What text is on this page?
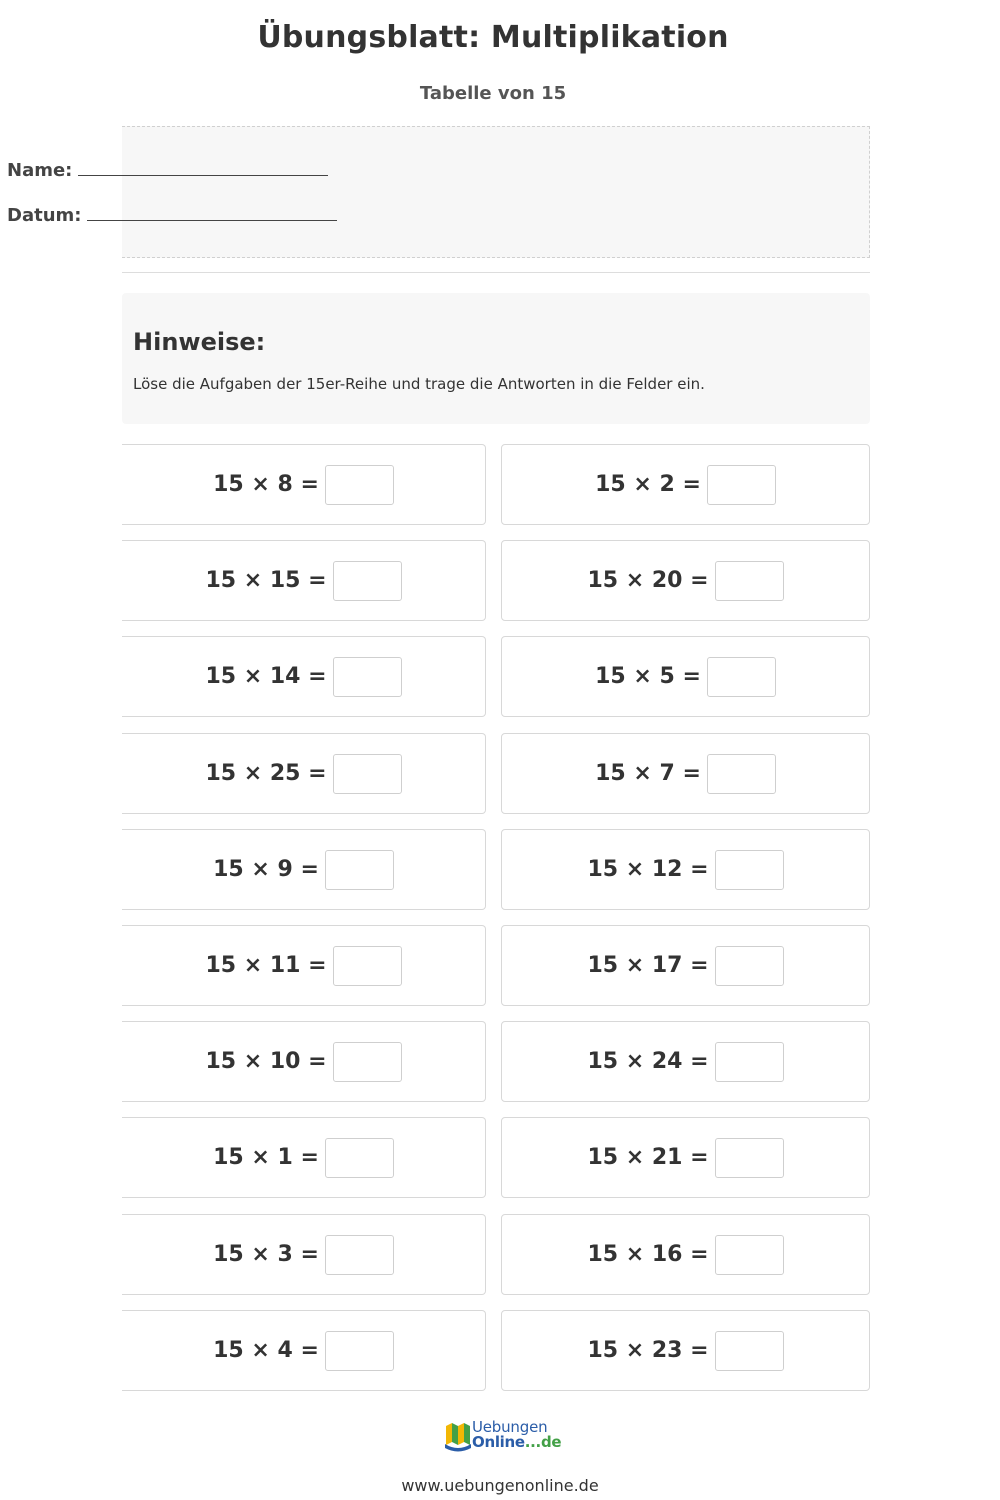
Übungsblatt: Multiplikation
Tabelle von 15
Name:
Datum:
Hinweise:
Löse die Aufgaben der 15er-Reihe und trage die Antworten in die Felder ein.
15 × 8 =
15 × 15 =
15 × 14 =
15 × 25 =
15 × 9 =
15 × 11 =
15 × 10 =
15 × 1 =
15 × 3 =
15 × 4 =
15 × 2 =
15 × 20 =
15 × 5 =
15 × 7 =
15 × 12 =
15 × 17 =
15 × 24 =
15 × 21 =
15 × 16 =
15 × 23 =
Uebungen
Online...de
www.uebungenonline.de
